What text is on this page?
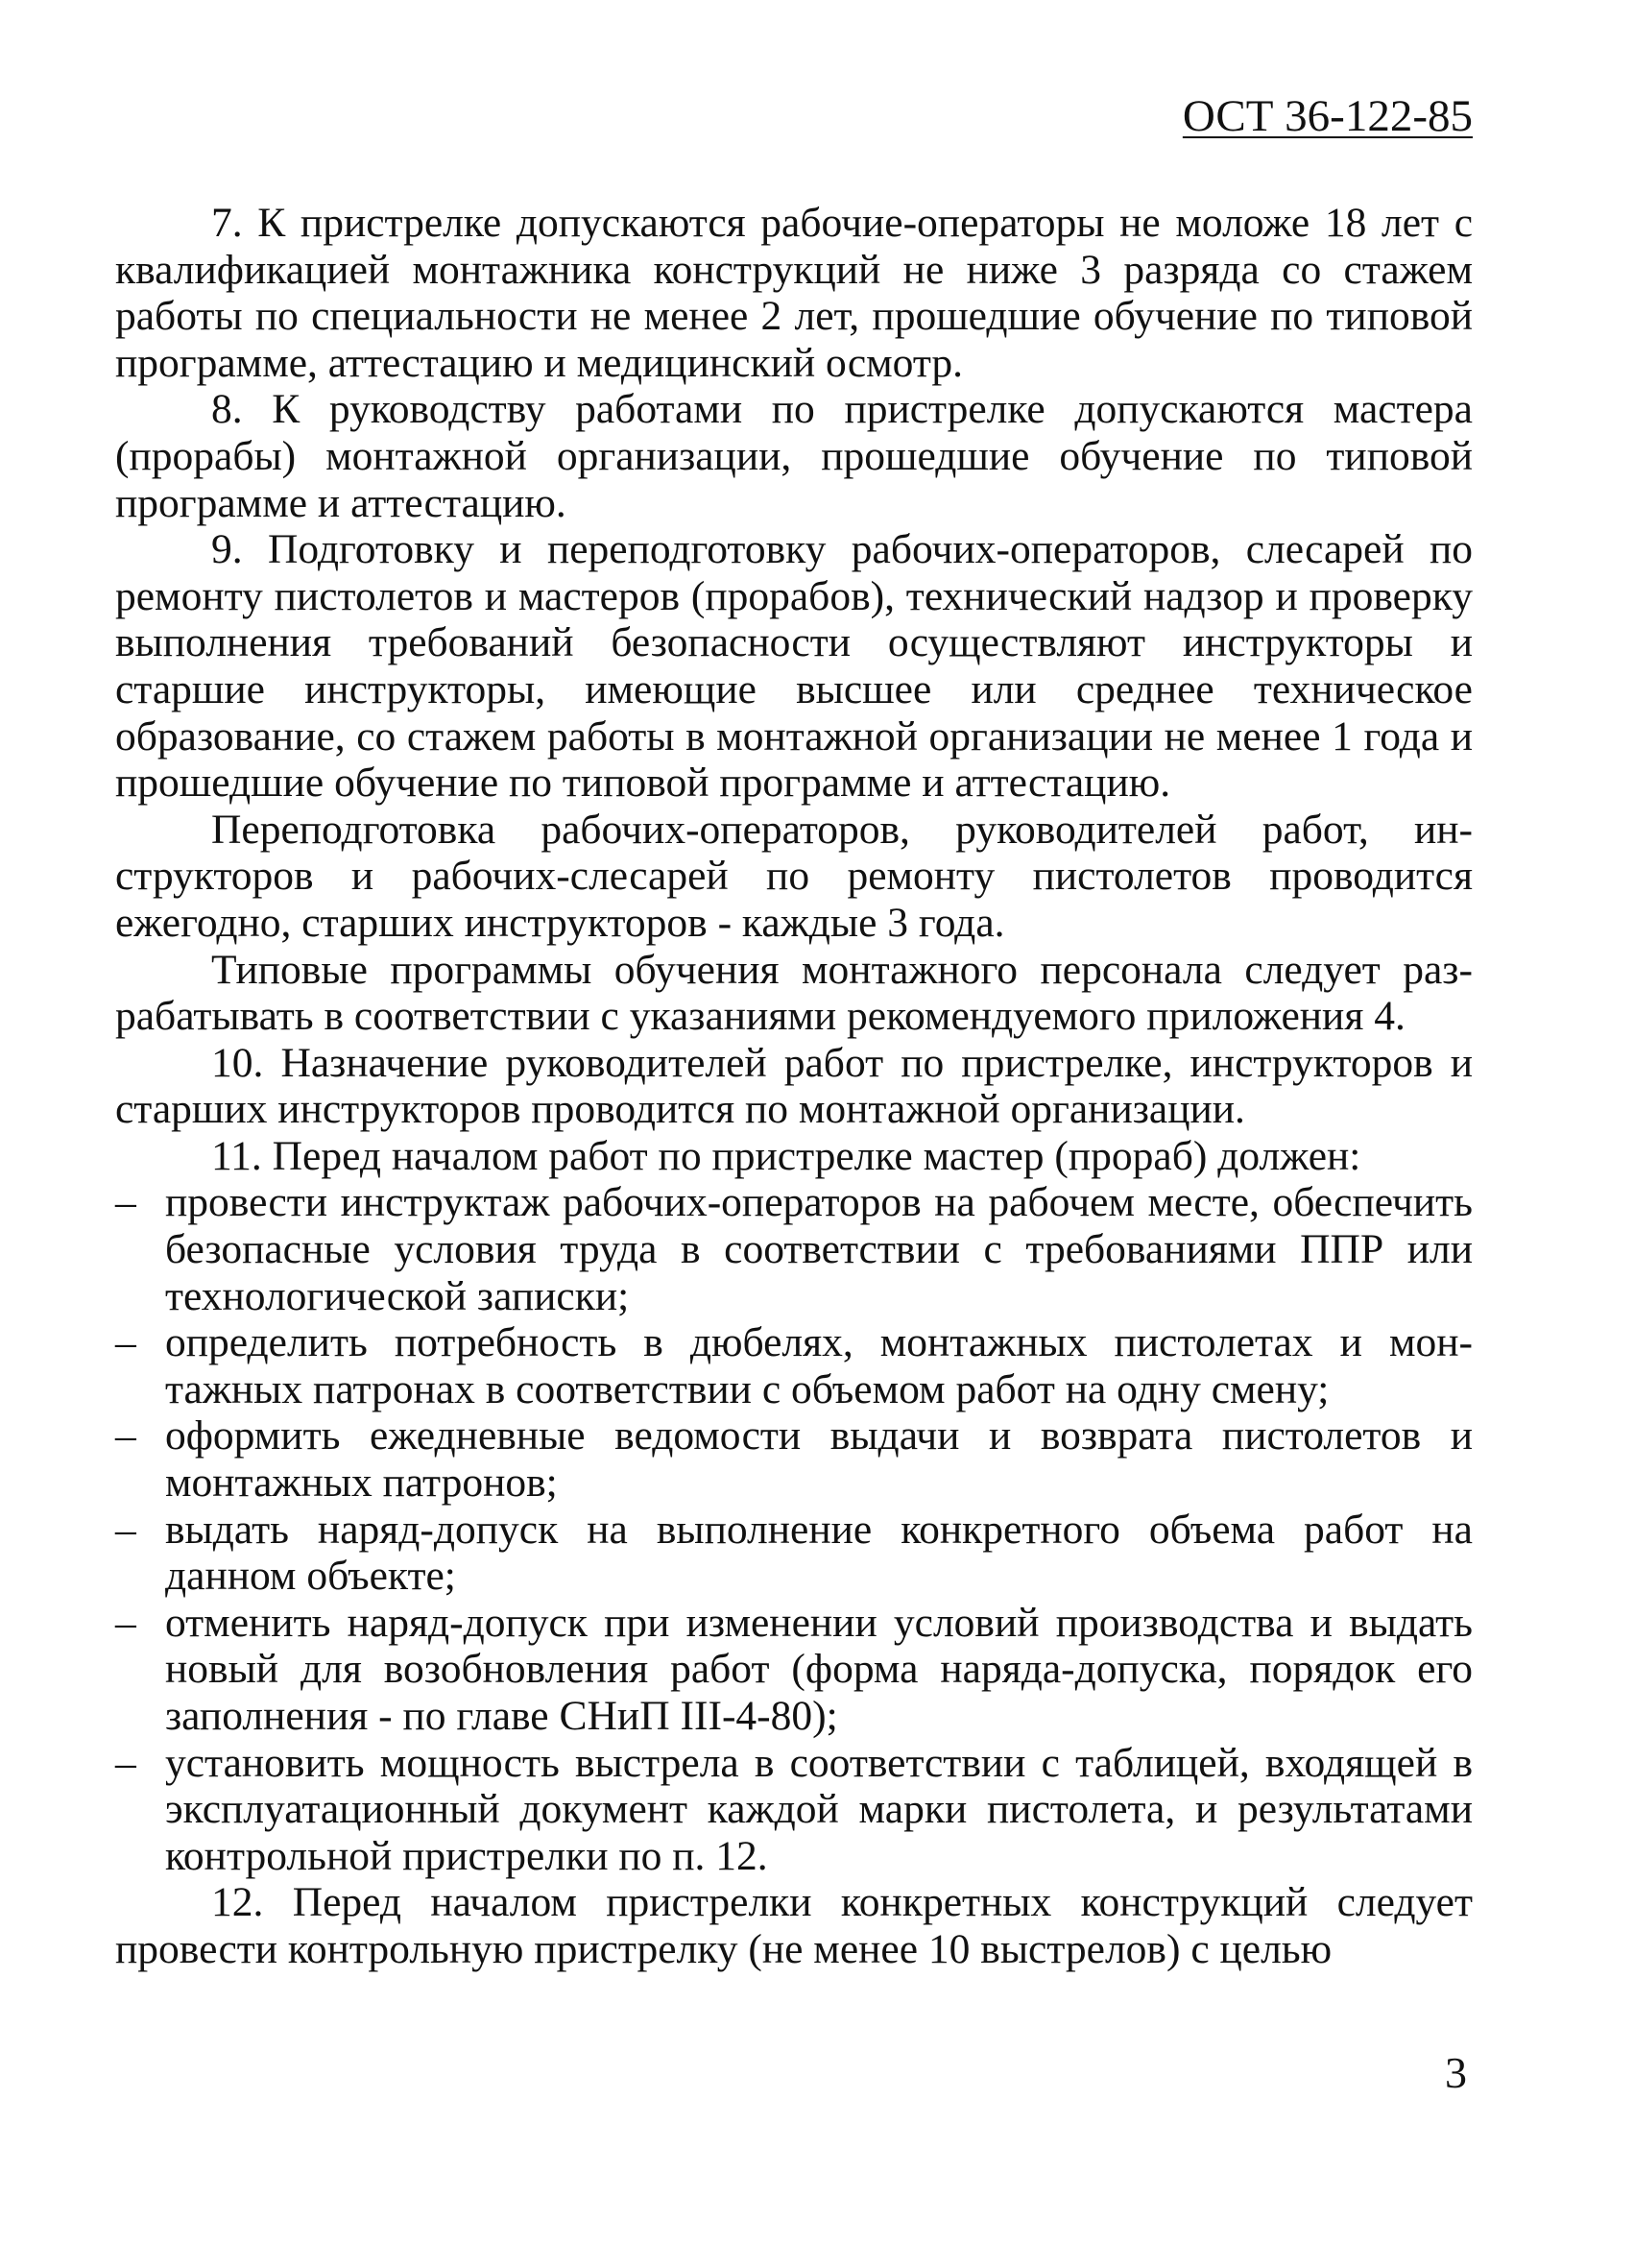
ОСТ 36-122-85

7. К пристрелке допускаются рабочие-операторы не моложе 18 лет с квалификацией монтажника конструкций не ниже 3 разряда со стажем работы по специальности не менее 2 лет, прошедшие обучение по типовой программе, аттестацию и медицинский осмотр.

8. К руководству работами по пристрелке допускаются мастера (прорабы) монтажной организации, прошедшие обучение по типовой программе и аттестацию.

9. Подготовку и переподготовку рабочих-операторов, слесарей по ремонту пистолетов и мастеров (прорабов), технический надзор и проверку выполнения требований безопасности осуществляют инструкторы и старшие инструкторы, имеющие высшее или среднее техническое образование, со стажем работы в монтажной организации не менее 1 года и прошедшие обучение по типовой программе и аттестацию.

Переподготовка рабочих-операторов, руководителей работ, инструкторов и рабочих-слесарей по ремонту пистолетов проводится ежегодно, старших инструкторов - каждые 3 года.

Типовые программы обучения монтажного персонала следует разрабатывать в соответствии с указаниями рекомендуемого приложения 4.

10. Назначение руководителей работ по пристрелке, инструкторов и старших инструкторов проводится по монтажной организации.

11. Перед началом работ по пристрелке мастер (прораб) должен:

– провести инструктаж рабочих-операторов на рабочем месте, обеспечить безопасные условия труда в соответствии с требованиями ППР или технологической записки;
– определить потребность в дюбелях, монтажных пистолетах и монтажных патронах в соответствии с объемом работ на одну смену;
– оформить ежедневные ведомости выдачи и возврата пистолетов и монтажных патронов;
– выдать наряд-допуск на выполнение конкретного объема работ на данном объекте;
– отменить наряд-допуск при изменении условий производства и выдать новый для возобновления работ (форма наряда-допуска, порядок его заполнения - по главе СНиП III-4-80);
– установить мощность выстрела в соответствии с таблицей, входящей в эксплуатационный документ каждой марки пистолета, и результатами контрольной пристрелки по п. 12.

12. Перед началом пристрелки конкретных конструкций следует провести контрольную пристрелку (не менее 10 выстрелов) с целью

3
